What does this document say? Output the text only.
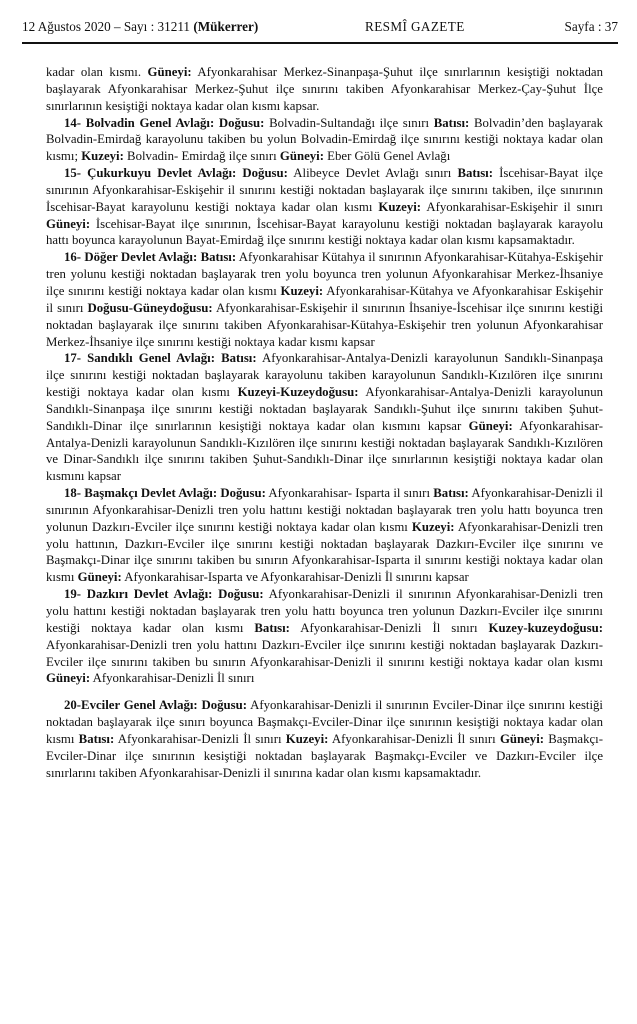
12 Ağustos 2020 – Sayı : 31211 (Mükerrer)	RESMÎ GAZETE	Sayfa : 37

kadar olan kısmı. Güneyi: Afyonkarahisar Merkez-Sinanpaşa-Şuhut ilçe sınırlarının kesiştiği noktadan başlayarak Afyonkarahisar Merkez-Şuhut ilçe sınırını takiben Afyonkarahisar Merkez-Çay-Şuhut İlçe sınırlarının kesiştiği noktaya kadar olan kısmı kapsar.

14- Bolvadin Genel Avlağı: Doğusu: Bolvadin-Sultandağı ilçe sınırı Batısı: Bolvadin’den başlayarak Bolvadin-Emirdağ karayolunu takiben bu yolun Bolvadin-Emirdağ ilçe sınırını kestiği noktaya kadar olan kısmı; Kuzeyi: Bolvadin- Emirdağ ilçe sınırı Güneyi: Eber Gölü Genel Avlağı

15- Çukurkuyu Devlet Avlağı: Doğusu: Alibeyce Devlet Avlağı sınırı Batısı: İscehisar-Bayat ilçe sınırının Afyonkarahisar-Eskişehir il sınırını kestiği noktadan başlayarak ilçe sınırını takiben, ilçe sınırının İscehisar-Bayat karayolunu kestiği noktaya kadar olan kısmı Kuzeyi: Afyonkarahisar-Eskişehir il sınırı Güneyi: İscehisar-Bayat ilçe sınırının, İscehisar-Bayat karayolunu kestiği noktadan başlayarak karayolu hattı boyunca karayolunun Bayat-Emirdağ ilçe sınırını kestiği noktaya kadar olan kısmı kapsamaktadır.

16- Döğer Devlet Avlağı: Batısı: Afyonkarahisar Kütahya il sınırının Afyonkarahisar-Kütahya-Eskişehir tren yolunu kestiği noktadan başlayarak tren yolu boyunca tren yolunun Afyonkarahisar Merkez-İhsaniye ilçe sınırını kestiği noktaya kadar olan kısmı Kuzeyi: Afyonkarahisar-Kütahya ve Afyonkarahisar Eskişehir il sınırı Doğusu-Güneydoğusu: Afyonkarahisar-Eskişehir il sınırının İhsaniye-İscehisar ilçe sınırını kestiği noktadan başlayarak ilçe sınırını takiben Afyonkarahisar-Kütahya-Eskişehir tren yolunun Afyonkarahisar Merkez-İhsaniye ilçe sınırını kestiği noktaya kadar kısmı kapsar

17- Sandıklı Genel Avlağı: Batısı: Afyonkarahisar-Antalya-Denizli karayolunun Sandıklı-Sinanpaşa ilçe sınırını kestiği noktadan başlayarak karayolunu takiben karayolunun Sandıklı-Kızılören ilçe sınırını kestiği noktaya kadar olan kısmı Kuzeyi-Kuzeydoğusu: Afyonkarahisar-Antalya-Denizli karayolunun Sandıklı-Sinanpaşa ilçe sınırını kestiği noktadan başlayarak Sandıklı-Şuhut ilçe sınırını takiben Şuhut-Sandıklı-Dinar ilçe sınırlarının kesiştiği noktaya kadar olan kısmını kapsar Güneyi: Afyonkarahisar-Antalya-Denizli karayolunun Sandıklı-Kızılören ilçe sınırını kestiği noktadan başlayarak Sandıklı-Kızılören ve Dinar-Sandıklı ilçe sınırını takiben Şuhut-Sandıklı-Dinar ilçe sınırlarının kesiştiği noktaya kadar olan kısmını kapsar

18- Başmakçı Devlet Avlağı: Doğusu: Afyonkarahisar- Isparta il sınırı Batısı: Afyonkarahisar-Denizli il sınırının Afyonkarahisar-Denizli tren yolu hattını kestiği noktadan başlayarak tren yolu hattı boyunca tren yolunun Dazkırı-Evciler ilçe sınırını kestiği noktaya kadar olan kısmı Kuzeyi: Afyonkarahisar-Denizli tren yolu hattının, Dazkırı-Evciler ilçe sınırını kestiği noktadan başlayarak Dazkırı-Evciler ilçe sınırını ve Başmakçı-Dinar ilçe sınırını takiben bu sınırın Afyonkarahisar-Isparta il sınırını kestiği noktaya kadar olan kısmı Güneyi: Afyonkarahisar-Isparta ve Afyonkarahisar-Denizli İl sınırını kapsar

19- Dazkırı Devlet Avlağı: Doğusu: Afyonkarahisar-Denizli il sınırının Afyonkarahisar-Denizli tren yolu hattını kestiği noktadan başlayarak tren yolu hattı boyunca tren yolunun Dazkırı-Evciler ilçe sınırını kestiği noktaya kadar olan kısmı Batısı: Afyonkarahisar-Denizli İl sınırı Kuzey-kuzeydoğusu: Afyonkarahisar-Denizli tren yolu hattını Dazkırı-Evciler ilçe sınırını kestiği noktadan başlayarak Dazkırı-Evciler ilçe sınırını takiben bu sınırın Afyonkarahisar-Denizli il sınırını kestiği noktaya kadar olan kısmı Güneyi: Afyonkarahisar-Denizli İl sınırı

20-Evciler Genel Avlağı: Doğusu: Afyonkarahisar-Denizli il sınırının Evciler-Dinar ilçe sınırını kestiği noktadan başlayarak ilçe sınırı boyunca Başmakçı-Evciler-Dinar ilçe sınırının kesiştiği noktaya kadar olan kısmı Batısı: Afyonkarahisar-Denizli İl sınırı Kuzeyi: Afyonkarahisar-Denizli İl sınırı Güneyi: Başmakçı-Evciler-Dinar ilçe sınırının kesiştiği noktadan başlayarak Başmakçı-Evciler ve Dazkırı-Evciler ilçe sınırlarını takiben Afyonkarahisar-Denizli il sınırına kadar olan kısmı kapsamaktadır.
